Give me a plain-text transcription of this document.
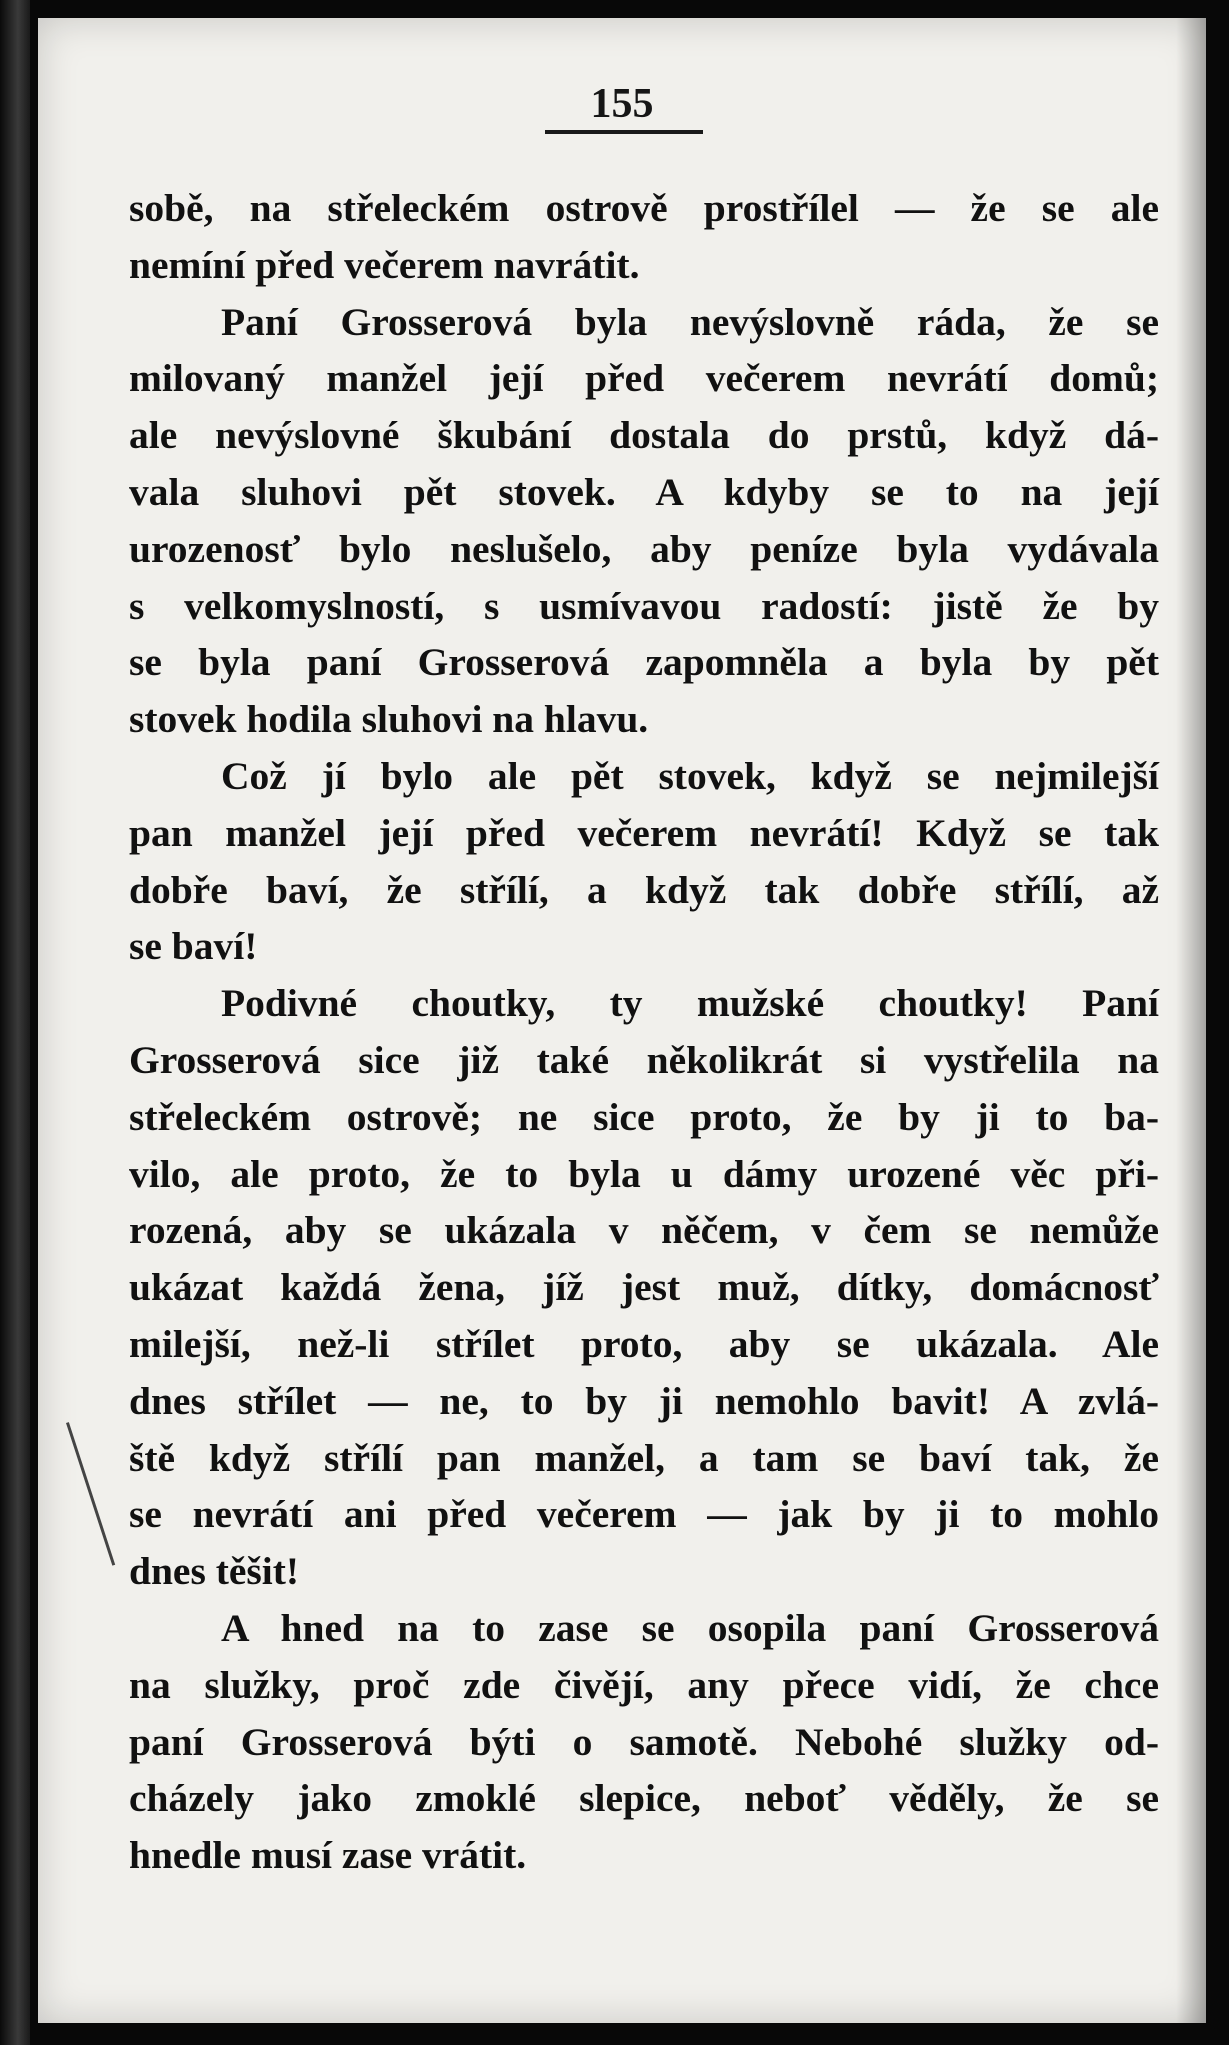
155
sobě, na střeleckém ostrově prostřílel — že se ale
nemíní před večerem navrátit.
Paní Grosserová byla nevýslovně ráda, že se
milovaný manžel její před večerem nevrátí domů;
ale nevýslovné škubání dostala do prstů, když dá-
vala sluhovi pět stovek. A kdyby se to na její
urozenosť bylo neslušelo, aby peníze byla vydávala
s velkomyslností, s usmívavou radostí: jistě že by
se byla paní Grosserová zapomněla a byla by pět
stovek hodila sluhovi na hlavu.
Což jí bylo ale pět stovek, když se nejmilejší
pan manžel její před večerem nevrátí! Když se tak
dobře baví, že střílí, a když tak dobře střílí, až
se baví!
Podivné choutky, ty mužské choutky! Paní
Grosserová sice již také několikrát si vystřelila na
střeleckém ostrově; ne sice proto, že by ji to ba-
vilo, ale proto, že to byla u dámy urozené věc při-
rozená, aby se ukázala v něčem, v čem se nemůže
ukázat každá žena, jíž jest muž, dítky, domácnosť
milejší, než-li střílet proto, aby se ukázala. Ale
dnes střílet — ne, to by ji nemohlo bavit! A zvlá-
ště když střílí pan manžel, a tam se baví tak, že
se nevrátí ani před večerem — jak by ji to mohlo
dnes těšit!
A hned na to zase se osopila paní Grosserová
na služky, proč zde čivějí, any přece vidí, že chce
paní Grosserová býti o samotě. Nebohé služky od-
cházely jako zmoklé slepice, neboť věděly, že se
hnedle musí zase vrátit.
